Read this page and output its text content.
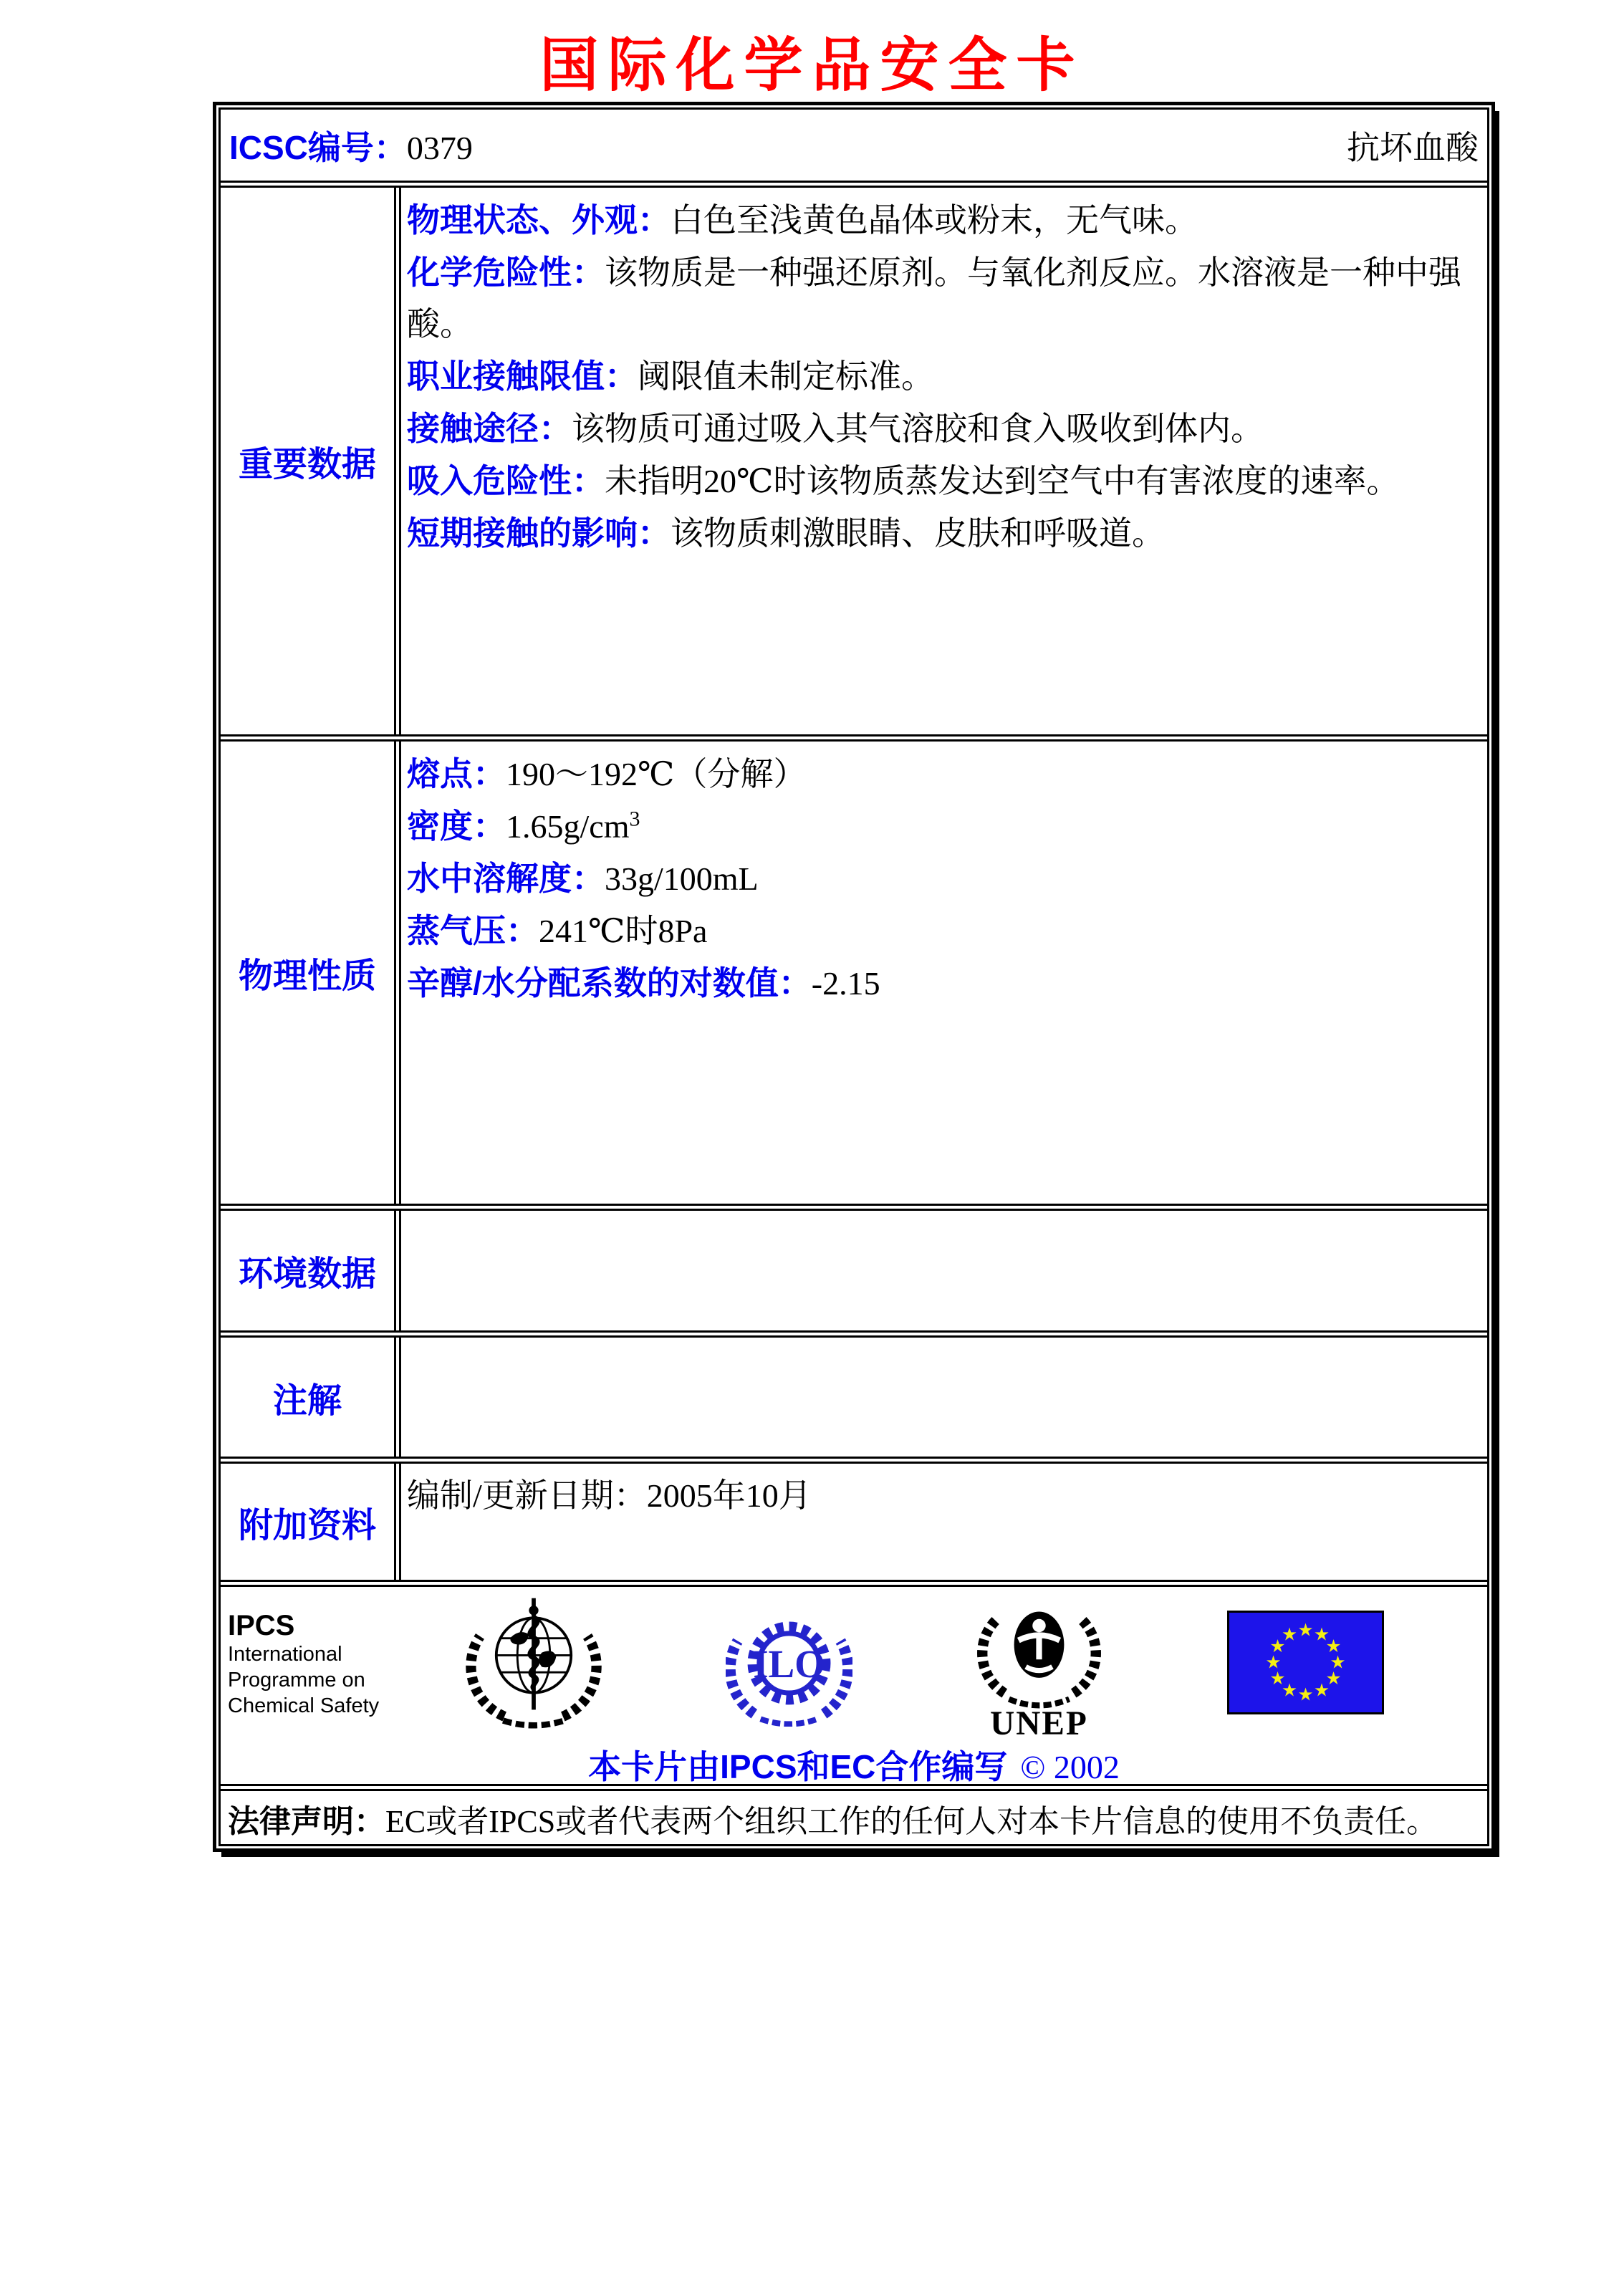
国际化学品安全卡
ICSC编号： 0379	抗坏血酸
重要数据
物理状态、外观：白色至浅黄色晶体或粉末，无气味。
化学危险性：该物质是一种强还原剂。与氧化剂反应。水溶液是一种中强酸。
职业接触限值：阈限值未制定标准。
接触途径：该物质可通过吸入其气溶胶和食入吸收到体内。
吸入危险性：未指明20℃时该物质蒸发达到空气中有害浓度的速率。
短期接触的影响：该物质刺激眼睛、皮肤和呼吸道。
物理性质
熔点：190～192℃（分解）
密度：$1.65g/cm^3$
水中溶解度：33g/100mL
蒸气压：241℃时8Pa
辛醇/水分配系数的对数值：-2.15
环境数据
注解
附加资料
编制/更新日期：2005年10月
IPCS
International
Programme on
Chemical Safety
ILO
UNEP
本卡片由IPCS和EC合作编写 © 2002
法律声明：EC或者IPCS或者代表两个组织工作的任何人对本卡片信息的使用不负责任。
